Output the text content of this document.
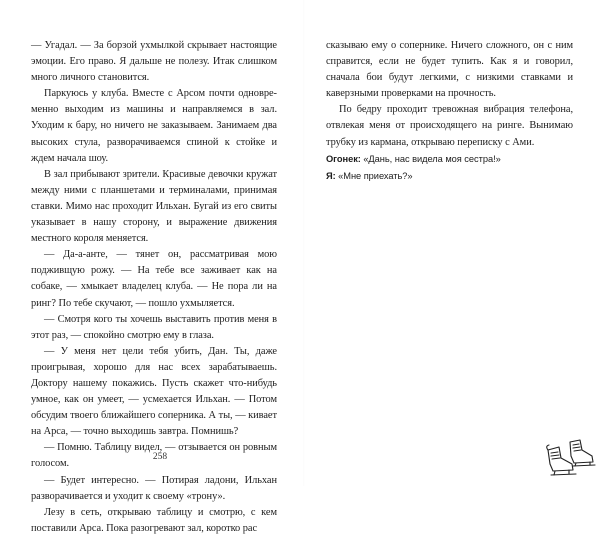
— Угадал. — За борзой ухмылкой скрывает настоящие эмоции. Его право. Я дальше не полезу. Итак слишком много личного становится.

Паркуюсь у клуба. Вместе с Арсом почти одновременно выходим из машины и направляемся в зал. Уходим к бару, но ничего не заказываем. Занимаем два высоких стула, разворачиваемся спиной к стойке и ждем начала шоу.

В зал прибывают зрители. Красивые девочки кружат между ними с планшетами и терминалами, принимая ставки. Мимо нас проходит Ильхан. Бугай из его свиты указывает в нашу сторону, и выражение движения местного короля меняется.

— Да-а-анте, — тянет он, рассматривая мою подживщую рожу. — На тебе все заживает как на собаке, — хмыкает владелец клуба. — Не пора ли на ринг? По тебе скучают, — пошло ухмыляется.

— Смотря кого ты хочешь выставить против меня в этот раз, — спокойно смотрю ему в глаза.

— У меня нет цели тебя убить, Дан. Ты, даже проигрывая, хорошо для нас всех зарабатываешь. Доктору нашему покажись. Пусть скажет что-нибудь умное, как он умеет, — усмехается Ильхан. — Потом обсудим твоего ближайшего соперника. А ты, — кивает на Арса, — точно выходишь завтра. Помнишь?

— Помню. Таблицу видел, — отзывается он ровным голосом.

— Будет интересно. — Потирая ладони, Ильхан разворачивается и уходит к своему «трону».

Лезу в сеть, открываю таблицу и смотрю, с кем поставили Арса. Пока разогревают зал, коротко рас

258

сказываю ему о сопернике. Ничего сложного, он с ним справится, если не будет тупить. Как я и говорил, сначала бои будут легкими, с низкими ставками и каверзными проверками на прочность.

По бедру проходит тревожная вибрация телефона, отвлекая меня от происходящего на ринге. Вынимаю трубку из кармана, открываю переписку с Ами.

Огонек: «Дань, нас видела моя сестра!»
Я: «Мне приехать?»
